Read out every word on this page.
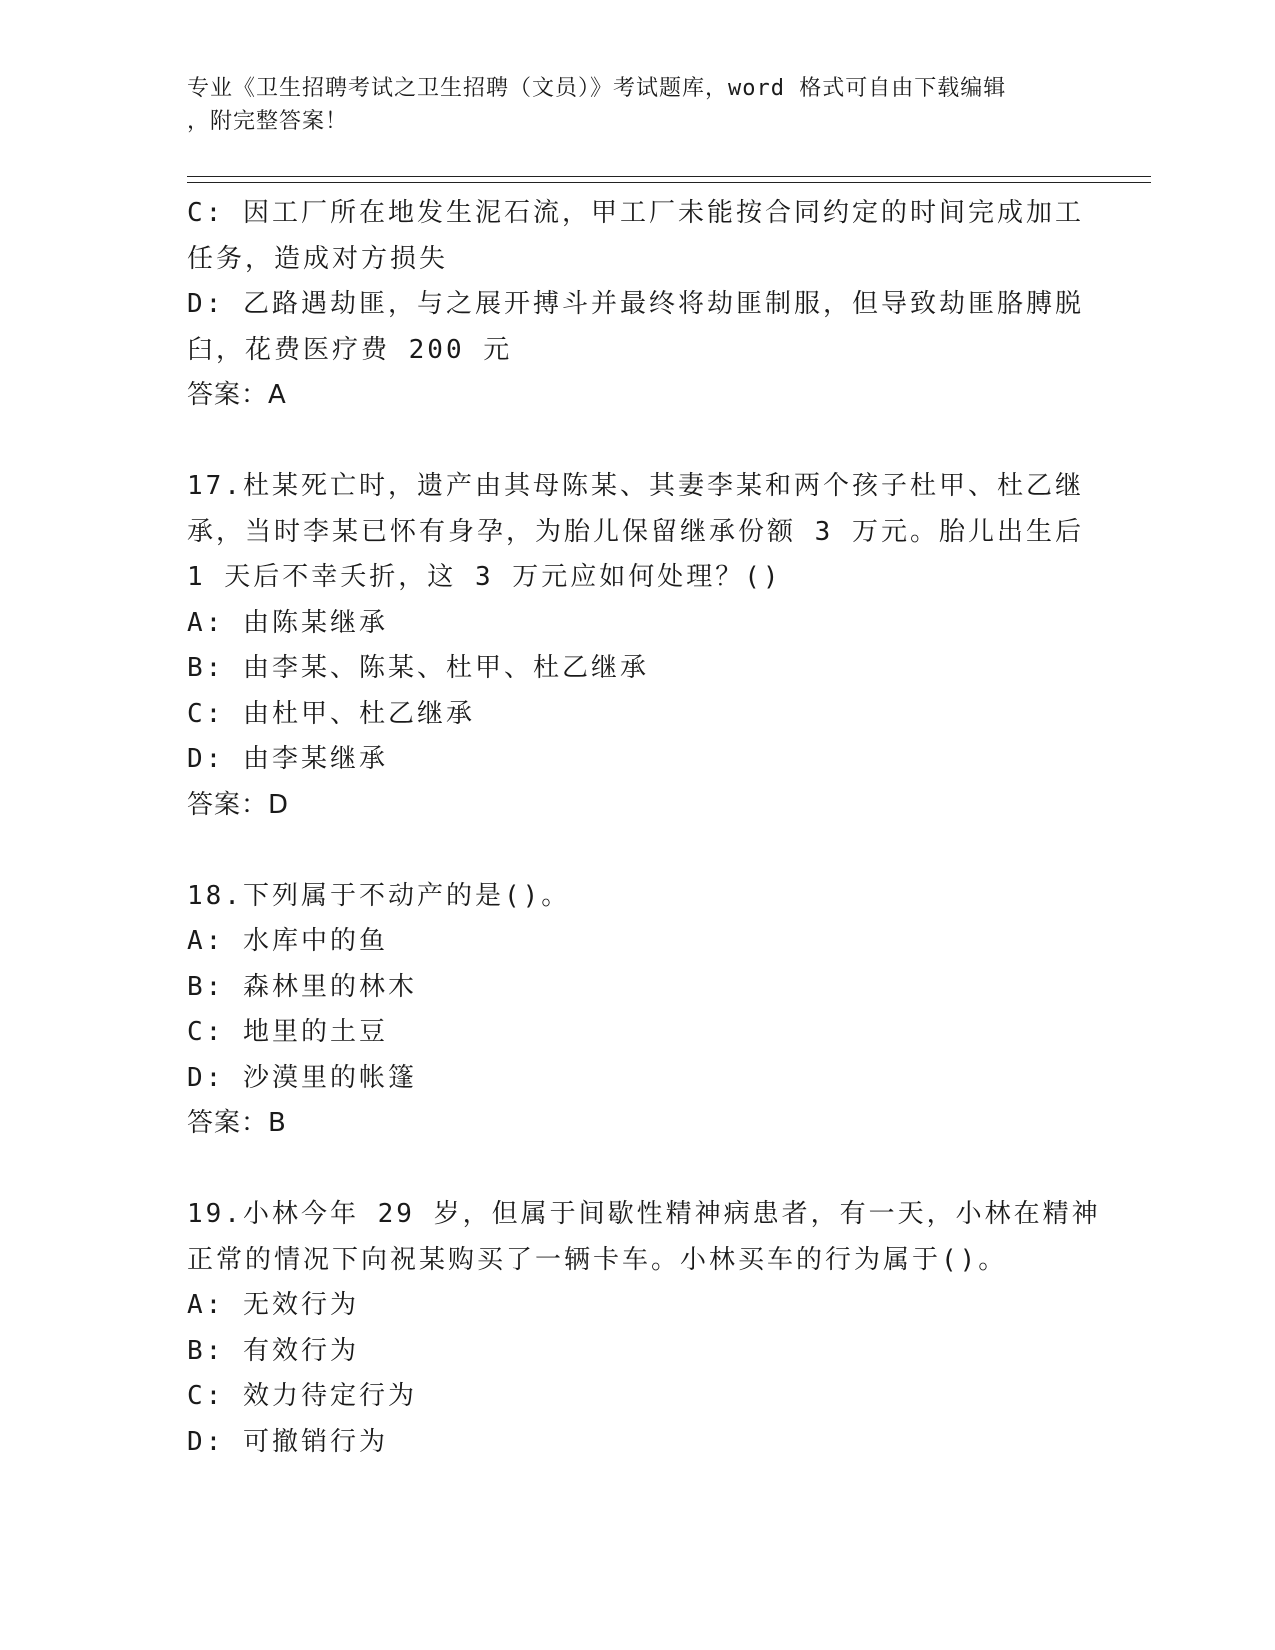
专业《卫生招聘考试之卫生招聘（文员）》考试题库，word 格式可自由下载编辑
，附完整答案！
C: 因工厂所在地发生泥石流，甲工厂未能按合同约定的时间完成加工
任务，造成对方损失
D: 乙路遇劫匪，与之展开搏斗并最终将劫匪制服，但导致劫匪胳膊脱
臼，花费医疗费 200 元
答案：A
17.杜某死亡时，遗产由其母陈某、其妻李某和两个孩子杜甲、杜乙继
承，当时李某已怀有身孕，为胎儿保留继承份额 3 万元。胎儿出生后
1 天后不幸夭折，这 3 万元应如何处理？()
A: 由陈某继承
B: 由李某、陈某、杜甲、杜乙继承
C: 由杜甲、杜乙继承
D: 由李某继承
答案：D
18.下列属于不动产的是()。
A: 水库中的鱼
B: 森林里的林木
C: 地里的土豆
D: 沙漠里的帐篷
答案：B
19.小林今年 29 岁，但属于间歇性精神病患者，有一天，小林在精神
正常的情况下向祝某购买了一辆卡车。小林买车的行为属于()。
A: 无效行为
B: 有效行为
C: 效力待定行为
D: 可撤销行为
